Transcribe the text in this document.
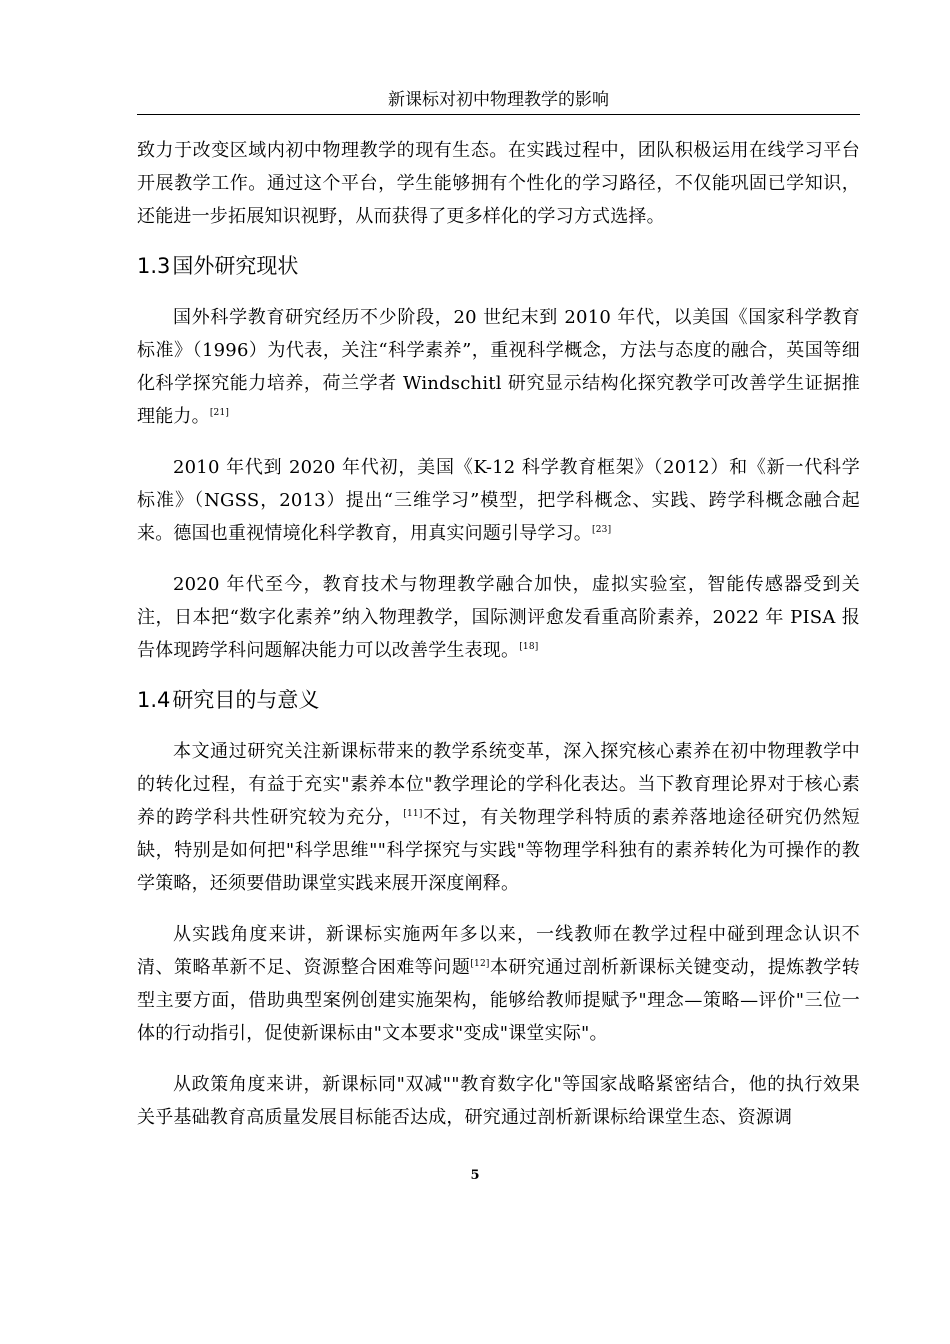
新课标对初中物理教学的影响

致力于改变区域内初中物理教学的现有生态。在实践过程中，团队积极运用在线学习平台开展教学工作。通过这个平台，学生能够拥有个性化的学习路径，不仅能巩固已学知识，还能进一步拓展知识视野，从而获得了更多样化的学习方式选择。

1.3国外研究现状

国外科学教育研究经历不少阶段，20 世纪末到 2010 年代，以美国《国家科学教育标准》（1996）为代表，关注“科学素养”，重视科学概念，方法与态度的融合，英国等细化科学探究能力培养，荷兰学者 Windschitl 研究显示结构化探究教学可改善学生证据推理能力。[21]

2010 年代到 2020 年代初，美国《K-12 科学教育框架》（2012）和《新一代科学标准》（NGSS，2013）提出“三维学习”模型，把学科概念、实践、跨学科概念融合起来。德国也重视情境化科学教育，用真实问题引导学习。[23]

2020 年代至今，教育技术与物理教学融合加快，虚拟实验室，智能传感器受到关注，日本把“数字化素养”纳入物理教学，国际测评愈发看重高阶素养，2022 年 PISA 报告体现跨学科问题解决能力可以改善学生表现。[18]

1.4研究目的与意义

本文通过研究关注新课标带来的教学系统变革，深入探究核心素养在初中物理教学中的转化过程，有益于充实"素养本位"教学理论的学科化表达。当下教育理论界对于核心素养的跨学科共性研究较为充分，[11]不过，有关物理学科特质的素养落地途径研究仍然短缺，特别是如何把"科学思维""科学探究与实践"等物理学科独有的素养转化为可操作的教学策略，还须要借助课堂实践来展开深度阐释。

从实践角度来讲，新课标实施两年多以来，一线教师在教学过程中碰到理念认识不清、策略革新不足、资源整合困难等问题[12]本研究通过剖析新课标关键变动，提炼教学转型主要方面，借助典型案例创建实施架构，能够给教师提赋予"理念—策略—评价"三位一体的行动指引，促使新课标由"文本要求"变成"课堂实际"。

从政策角度来讲，新课标同"双减""教育数字化"等国家战略紧密结合，他的执行效果关乎基础教育高质量发展目标能否达成，研究通过剖析新课标给课堂生态、资源调

5
